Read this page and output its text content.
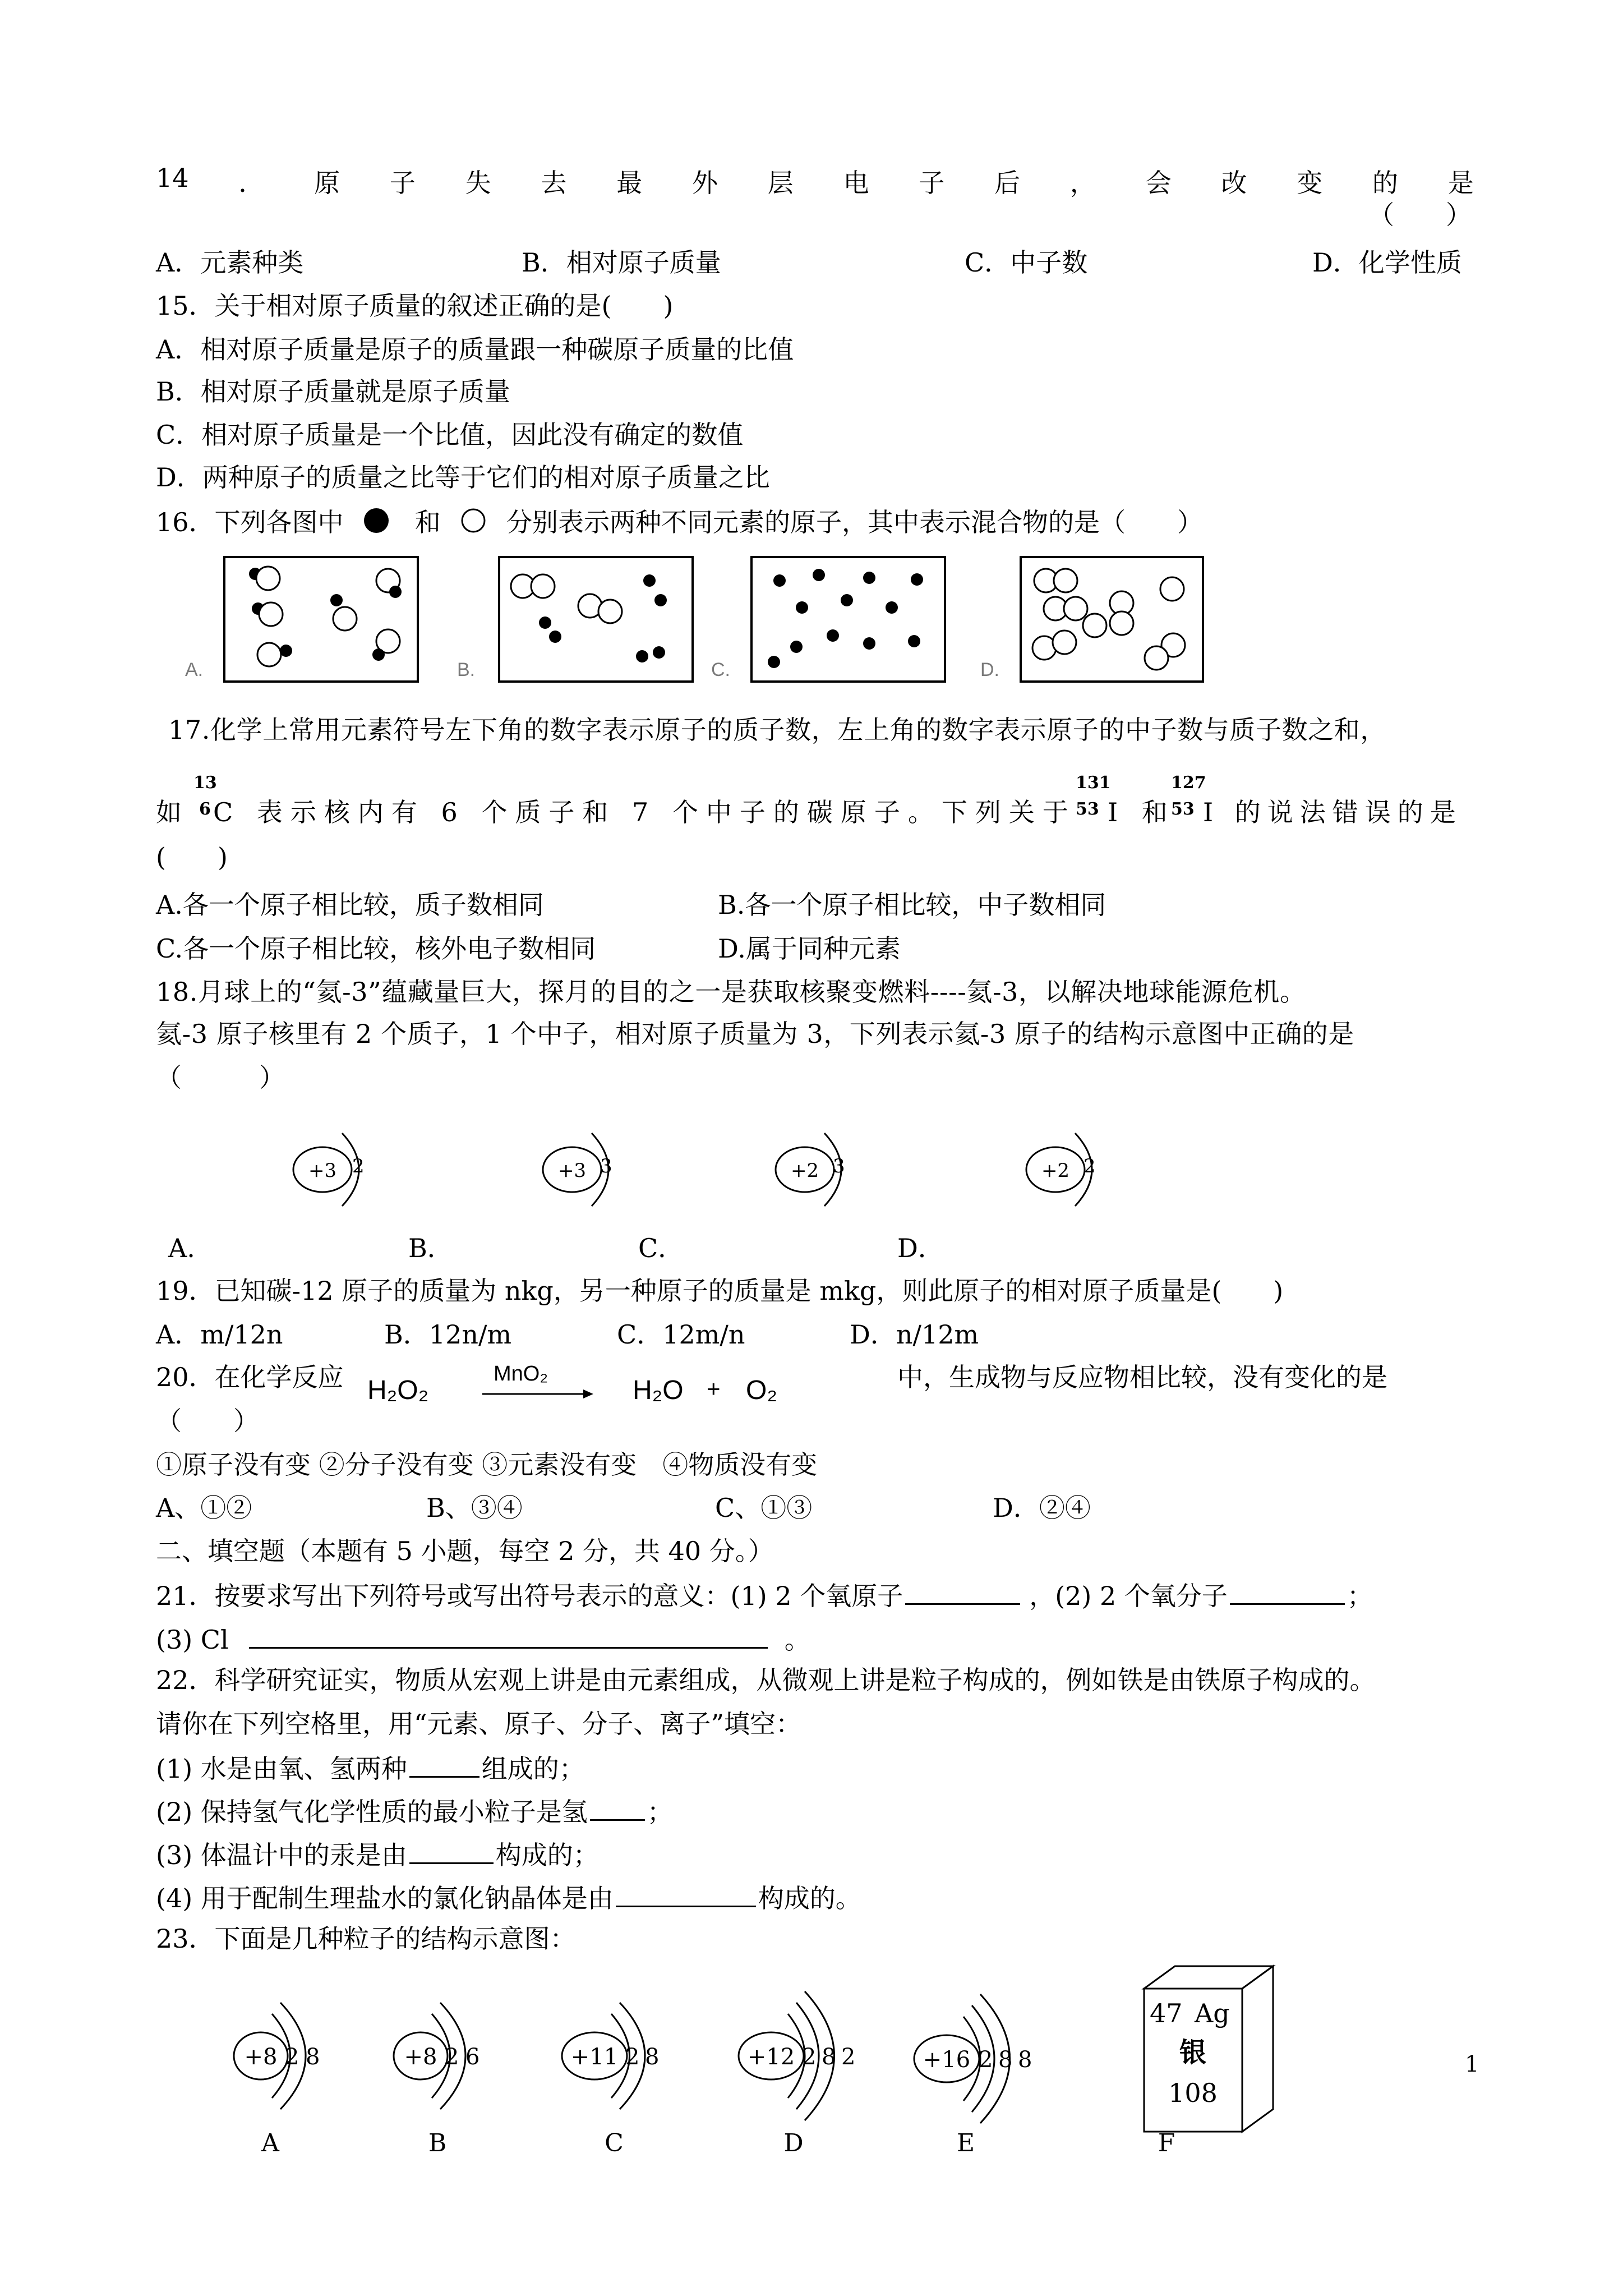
14 ． 原 子 失 去 最 外 层 电 子 后 ， 会 改 变 的 是
（　　）
A．元素种类	B．相对原子质量	C．中子数	D．化学性质
15．关于相对原子质量的叙述正确的是(　　)
A．相对原子质量是原子的质量跟一种碳原子质量的比值
B．相对原子质量就是原子质量
C．相对原子质量是一个比值，因此没有确定的数值
D．两种原子的质量之比等于它们的相对原子质量之比
16．下列各图中	和	分别表示两种不同元素的原子，其中表示混合物的是（　　）
A.	B.	C.	D.
17.化学上常用元素符号左下角的数字表示原子的质子数，左上角的数字表示原子的中子数与质子数之和，
13
6
131
53
127
53
如 C 表示核内有 6 个质子和 7 个中子的碳原子。下列关于 I 和 I 的说法错误的是
(　　)
A.各一个原子相比较，质子数相同	B.各一个原子相比较，中子数相同
C.各一个原子相比较，核外电子数相同	D.属于同种元素
18.月球上的“氦-3”蕴藏量巨大，探月的目的之一是获取核聚变燃料----氦-3，以解决地球能源危机。
氦-3 原子核里有 2 个质子，1 个中子，相对原子质量为 3，下列表示氦-3 原子的结构示意图中正确的是
（　　　）
+3 2	+3 3	+2 3	+2 2
A.	B．	C．	D．
19．已知碳-12 原子的质量为 nkg，另一种原子的质量是 mkg，则此原子的相对原子质量是(　　)
A．m/12n	B．12n/m	C．12m/n	D．n/12m
20．在化学反应 H₂O₂
MnO₂
H₂O + O₂	中，生成物与反应物相比较，没有变化的是
（　　）
①原子没有变 ②分子没有变 ③元素没有变　④物质没有变
A、①②	B、③④	C、①③	D．②④
二、填空题（本题有 5 小题，每空 2 分，共 40 分。）
21．按要求写出下列符号或写出符号表示的意义：(1) 2 个氧原子	，(2) 2 个氧分子	；
(3) Cl	。
22．科学研究证实，物质从宏观上讲是由元素组成，从微观上讲是粒子构成的，例如铁是由铁原子构成的。
请你在下列空格里，用“元素、原子、分子、离子”填空：
(1) 水是由氧、氢两种	组成的；
(2) 保持氢气化学性质的最小粒子是氢 ；
(3) 体温计中的汞是由	构成的；
(4) 用于配制生理盐水的氯化钠晶体是由	构成的。
23．下面是几种粒子的结构示意图：
+8 2 8
A
+8 2 6
B
+11 2 8
C
+12 2 8 2
D
+16 2 8 8
E
47 Ag
银
108
F
1
